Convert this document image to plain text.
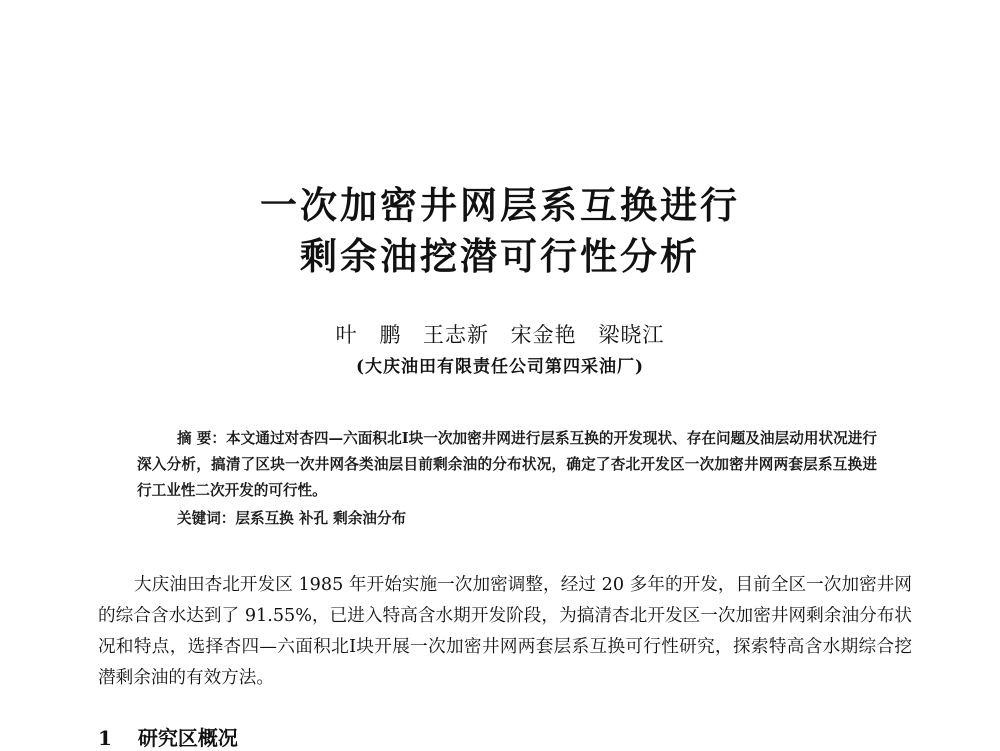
一次加密井网层系互换进行
剩余油挖潜可行性分析
叶 鹏 王志新 宋金艳 梁晓江
(大庆油田有限责任公司第四采油厂)
摘 要：本文通过对杏四—六面积北Ⅰ块一次加密井网进行层系互换的开发现状、存在问题及油层动用状况进行深入分析，搞清了区块一次井网各类油层目前剩余油的分布状况，确定了杏北开发区一次加密井网两套层系互换进行工业性二次开发的可行性。
关键词：层系互换 补孔 剩余油分布
大庆油田杏北开发区 1985 年开始实施一次加密调整，经过 20 多年的开发，目前全区一次加密井网的综合含水达到了 91.55%，已进入特高含水期开发阶段，为搞清杏北开发区一次加密井网剩余油分布状况和特点，选择杏四—六面积北Ⅰ块开展一次加密井网两套层系互换可行性研究，探索特高含水期综合挖潜剩余油的有效方法。
1 研究区概况
